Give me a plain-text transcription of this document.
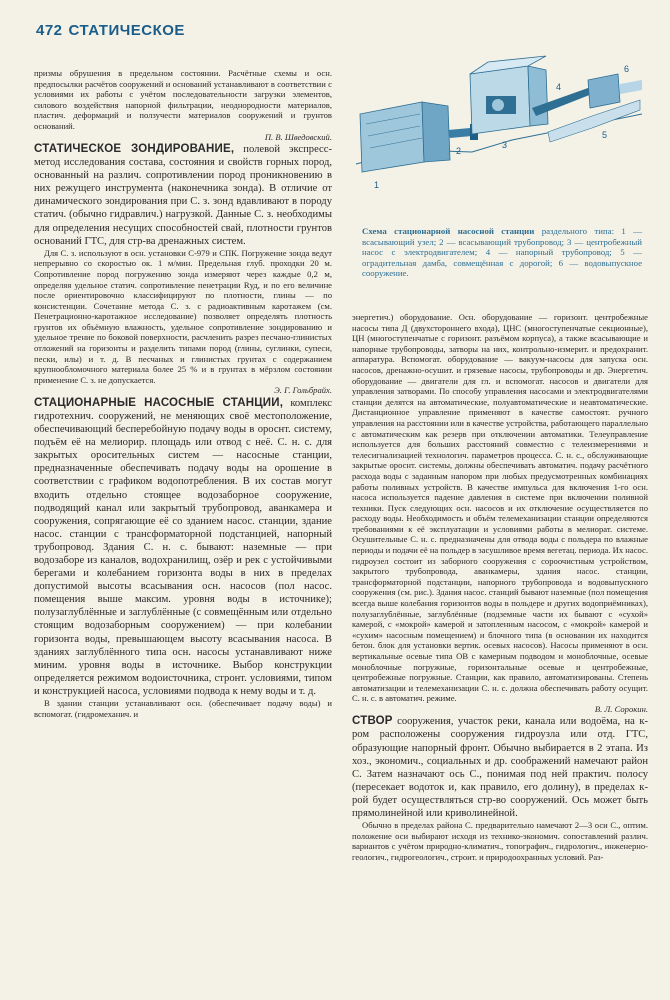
472 СТАТИЧЕСКОЕ
1
2
3
4
5
6
Схема стационарной насосной станции раздельного типа: 1 — всасывающий узел; 2 — всасывающий трубопровод; 3 — центробежный насос с электродвигателем; 4 — напорный трубопровод; 5 — оградительная дамба, совмещённая с дорогой; 6 — водовыпускное сооружение.

призмы обрушения в предельном состоянии. Расчётные схемы и осн. предпосылки расчётов сооружений и оснований устанавливают в соответствии с условиями их работы с учётом последовательности загрузки элементов, силового воздействия напорной фильтрации, неоднородности материалов, пластич. деформаций и ползучести материалов сооружений и грунтов оснований.

П. В. Шведовский.

СТАТИЧЕСКОЕ ЗОНДИРОВАНИЕ, полевой экспресс-метод исследования состава, состояния и свойств горных пород, основанный на различ. сопротивлении пород проникновению в них режущего инструмента (наконечника зонда). В отличие от динамического зондирования при С. з. зонд вдавливают в породу статич. (обычно гидравлич.) нагрузкой. Данные С. з. необходимы для определения несущих способностей свай, плотности грунтов оснований ГТС, для стр-ва дренажных систем.

Для С. з. используют в осн. установки С-979 и СПК. Погружение зонда ведут непрерывно со скоростью ок. 1 м/мин. Предельная глуб. проходки 20 м. Сопротивление пород погружению зонда измеряют через каждые 0,2 м, определяя удельное статич. сопротивление пенетрации Rуд, и по его величине после ориентировочно классифицируют по плотности, глины — по консистенции. Сочетание метода С. з. с радиоактивным каротажем (см. Пенетрационно-каротажное исследование) позволяет определять плотность грунтов их объёмную влажность, удельное сопротивление зондированию и удельное трение по боковой поверхности, расчленить разрез песчано-глинистых отложений на горизонты и разделить типами пород (глины, суглинки, супеси, пески, илы) и т. д. В песчаных и глинистых грунтах с содержанием крупнообломочного материала более 25 % и в грунтах в мёрзлом состоянии применение С. з. не допускается.

Э. Г. Гольбрайх.

СТАЦИОНАРНЫЕ НАСОСНЫЕ СТАНЦИИ, комплекс гидротехнич. сооружений, не меняющих своё местоположение, обеспечивающий бесперебойную подачу воды в ороснт. систему, подъём её на мелиорир. площадь или отвод с неё. С. н. с. для закрытых оросительных систем — насосные станции, предназначенные обеспечивать подачу воды на орошение в соответствии с графиком водопотребления. В их состав могут входить отдельно стоящее водозаборное сооружение, подводящий канал или закрытый трубопровод, аванкамера и сооружения, сопрягающие её со зданием насос. станции, здание насос. станции с трансформаторной подстанцией, напорный трубопровод. Здания С. н. с. бывают: наземные — при водозаборе из каналов, водохранилищ, озёр и рек с устойчивыми берегами и колебанием горизонта воды в них в пределах допустимой высоты всасывания осн. насосов (пол насос. помещения выше максим. уровня воды в источнике); полузаглублённые и заглублённые (с совмещённым или отдельно стоящим водозаборным сооружением) — при колебании горизонта воды, превышающем высоту всасывания насоса. В зданиях заглублённого типа осн. насосы устанавливают ниже миним. уровня воды в источнике. Выбор конструкции определяется режимом водоисточника, стронт. условиями, типом и конструкцией насоса, условиями подвода к нему воды и т. д.

В здании станции устанавливают осн. (обеспечивает подачу воды) и вспомогат. (гидромеханич. и

энергетич.) оборудование. Осн. оборудование — горизонт. центробежные насосы типа Д (двухстороннего входа), ЦНС (многоступенчатые секционные), ЦН (многоступенчатые с горизонт. разъёмом корпуса), а также всасывающие и напорные трубопроводы, затворы на них, контрольно-измерит. и предохранит. аппаратура. Вспомогат. оборудование — вакуум-насосы для запуска осн. насосов, дренажно-осушит. и грязевые насосы, трубопроводы и др. Энергетич. оборудование — двигатели для гл. и вспомогат. насосов и двигатели для управления затворами. По способу управления насосами и электродвигателями станции делятся на автоматические, полуавтоматические и неавтоматические. Дистанционное управление применяют в качестве самостоят. ручного управления на расстоянии или в качестве устройства, работающего параллельно с автоматическим как резерв при отключении автоматики. Телеуправление используется для больших расстояний совместно с телеизмерениями и телесигнализацией технологич. параметров процесса. С. н. с., обслуживающие закрытые ороснт. системы, должны обеспечивать автоматич. подачу расчётного расхода воды с заданным напором при любых предусмотренных комбинациях работы поливных устройств. В качестве импульса для включения 1-го осн. насоса используется падение давления в системе при включении поливной техники. Пуск следующих осн. насосов и их отключение осуществляется по расходу воды. Необходимость и объём телемеханизации станции определяются требованиями к её эксплуатации и условиями работы в мелиорат. системе. Осушительные С. н. с. предназначены для отвода воды с польдера по влажные периоды и подачи её на польдер в засушливое время вегетац. периода. Их насос. гидроузел состоит из заборного сооружения с сороочистным устройством, закрытого трубопровода, аванкамеры, здания насос. станции, трансформаторной подстанции, напорного трубопровода и водовыпускного сооружения (см. рис.). Здания насос. станций бывают наземные (пол помещения всегда выше колебания горизонтов воды в польдере и других водоприёмниках), полузаглублённые, заглублённые (подземные части их бывают с «сухой» камерой, с «мокрой» камерой и затопленным насосом, с «мокрой» камерой и «сухим» насосным помещением) и блочного типа (в основании их находится бетон. блок для установки вертик. осевых насосов). Насосы применяют в осн. вертикальные осевые типа ОВ с камерным подводом и моноблочные, осевые моноблочные погружные, горизонтальные осевые и центробежные, центробежные погружные. Станции, как правило, автоматизированы. Степень автоматизации и телемеханизации С. н. с. должна обеспечивать работу осущит. С. н. с. в автоматич. режиме.

В. Л. Сорокин.

СТВОР сооружения, участок реки, канала или водоёма, на к-ром расположены сооружения гидроузла или отд. ГТС, образующие напорный фронт. Обычно выбирается в 2 этапа. Из хоз., экономич., социальных и др. соображений намечают район С. Затем назначают ось С., понимая под ней практич. полосу (пересекает водоток и, как правило, его долину), в пределах к-рой будет осуществляться стр-во сооружений. Ось может быть прямолинейной или криволинейной.

Обычно в пределах района С. предварительно намечают 2—3 оси С., оптим. положение оси выбирают исходя из технико-экономич. сопоставлений различ. вариантов с учётом природно-климатич., топографич., гидрологич., инженерно-геологич., гидрогеологич., строит. и природоохранных условий. Раз-
